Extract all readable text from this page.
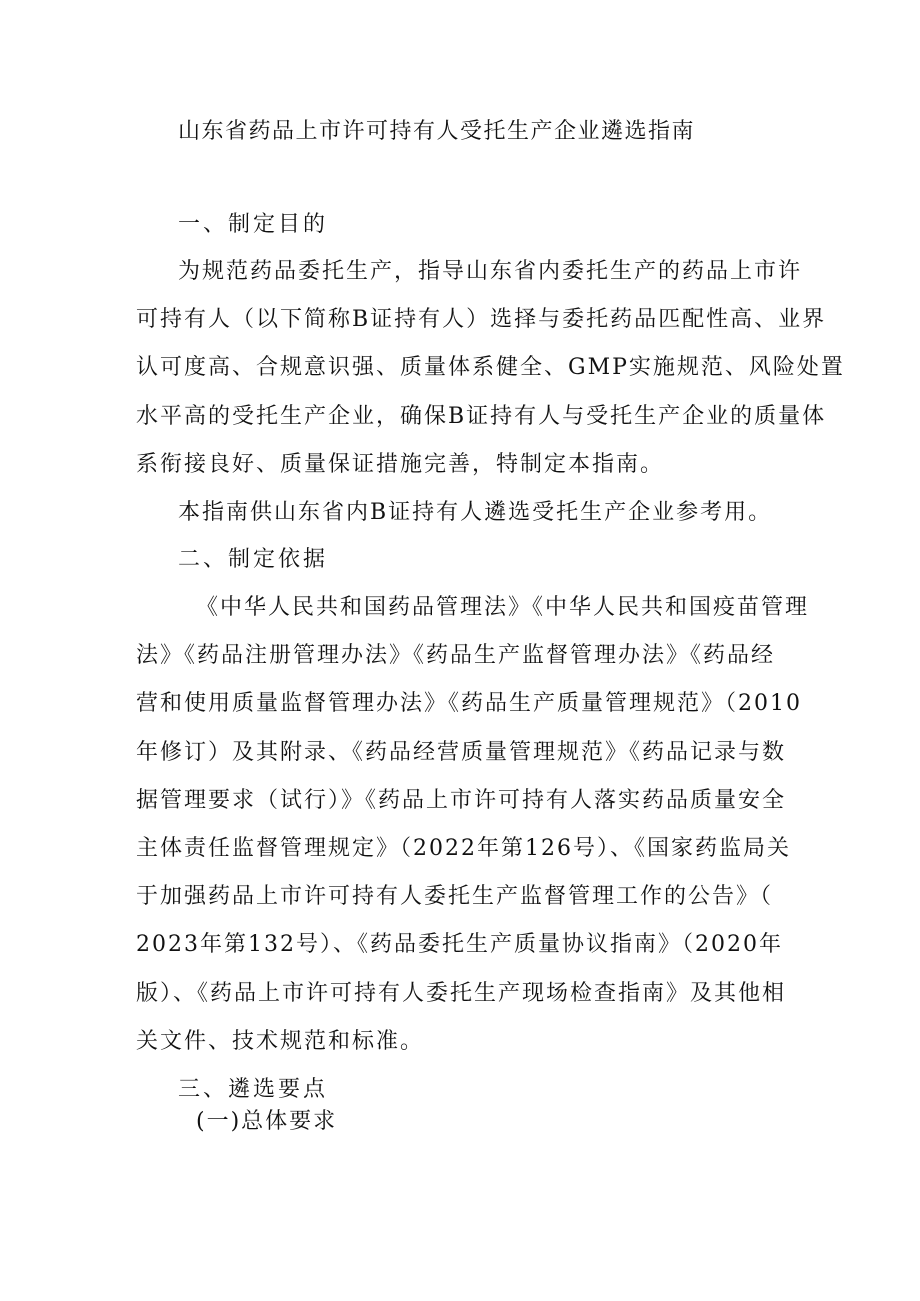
山东省药品上市许可持有人受托生产企业遴选指南
一、制定目的
为规范药品委托生产，指导山东省内委托生产的药品上市许
可持有人（以下简称B证持有人）选择与委托药品匹配性高、业界
认可度高、合规意识强、质量体系健全、GMP实施规范、风险处置
水平高的受托生产企业，确保B证持有人与受托生产企业的质量体
系衔接良好、质量保证措施完善，特制定本指南。
本指南供山东省内B证持有人遴选受托生产企业参考用。
二、制定依据
《中华人民共和国药品管理法》《中华人民共和国疫苗管理
法》《药品注册管理办法》《药品生产监督管理办法》《药品经
营和使用质量监督管理办法》《药品生产质量管理规范》（2010
年修订）及其附录、《药品经营质量管理规范》《药品记录与数
据管理要求（试行）》《药品上市许可持有人落实药品质量安全
主体责任监督管理规定》（2022年第126号）、《国家药监局关
于加强药品上市许可持有人委托生产监督管理工作的公告》（
2023年第132号）、《药品委托生产质量协议指南》（2020年
版）、《药品上市许可持有人委托生产现场检查指南》及其他相
关文件、技术规范和标准。
三、遴选要点
(一)总体要求
